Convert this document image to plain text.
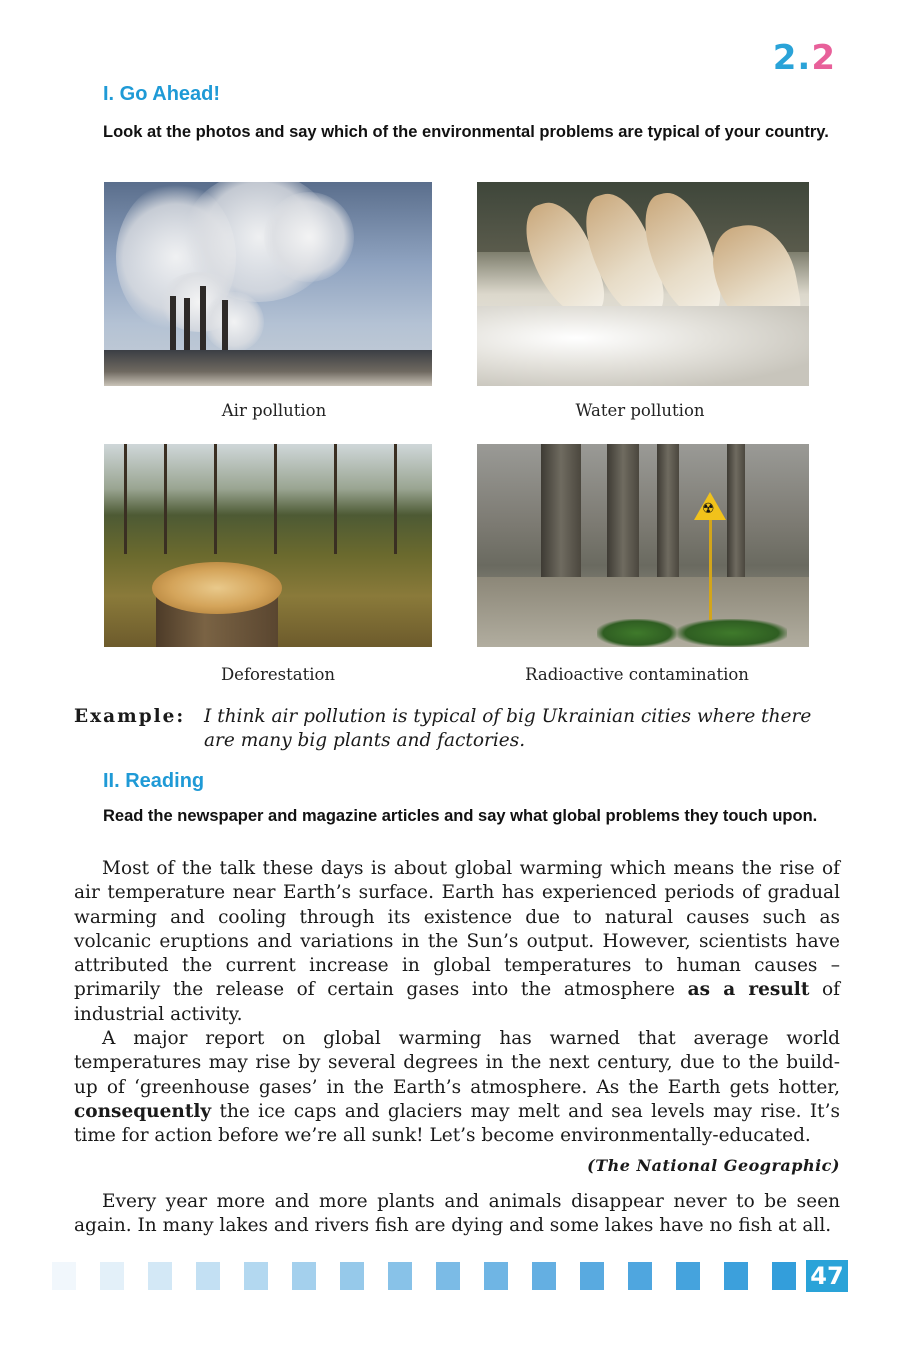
2.2
I. Go Ahead!
Look at the photos and say which of the environmental problems are typical of your country.
Air pollution	Water pollution
Deforestation
☢
Radioactive contamination
Example: I think air pollution is typical of big Ukrainian cities where there are many big plants and factories.
II. Reading
Read the newspaper and magazine articles and say what global problems they touch upon.

Most of the talk these days is about global warming which means the rise of air temperature near Earth’s surface. Earth has experienced periods of gradual warming and cooling through its existence due to natural causes such as volcanic eruptions and variations in the Sun’s output. However, scientists have attributed the current increase in global temperatures to human causes – primarily the release of certain gases into the atmosphere as a result of industrial activity.

A major report on global warming has warned that average world temperatures may rise by several degrees in the next century, due to the build-up of ‘greenhouse gases’ in the Earth’s atmosphere. As the Earth gets hotter, consequently the ice caps and glaciers may melt and sea levels may rise. It’s time for action before we’re all sunk! Let’s become environmentally-educated.

(The National Geographic)

Every year more and more plants and animals disappear never to be seen again. In many lakes and rivers fish are dying and some lakes have no fish at all.

47
